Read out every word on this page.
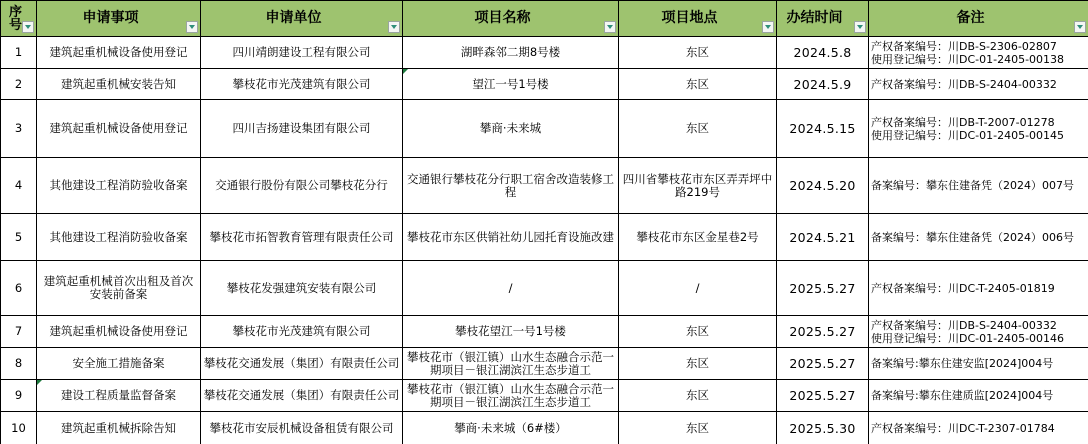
序号	申请事项	申请单位	项目名称	项目地点	办结时间	备注

1	建筑起重机械设备使用登记	四川靖朗建设工程有限公司	湖畔森邻二期8号楼	东区	2024.5.8	产权备案编号：川DB-S-2306-02807
使用登记编号：川DC-01-2405-00138

2	建筑起重机械安装告知	攀枝花市光茂建筑有限公司	望江一号1号楼	东区	2024.5.9	产权备案编号：川DB-S-2404-00332

3	建筑起重机械设备使用登记	四川吉扬建设集团有限公司	攀商·未来城	东区	2024.5.15	产权备案编号：川DB-T-2007-01278
使用登记编号：川DC-01-2405-00145

4	其他建设工程消防验收备案	交通银行股份有限公司攀枝花分行	交通银行攀枝花分行职工宿舍改造装修工程	四川省攀枝花市东区弄弄坪中路219号	2024.5.20	备案编号：攀东住建备凭（2024）007号

5	其他建设工程消防验收备案	攀枝花市拓智教育管理有限责任公司	攀枝花市东区供销社幼儿园托育设施改建	攀枝花市东区金星巷2号	2024.5.21	备案编号：攀东住建备凭（2024）006号

6	建筑起重机械首次出租及首次安装前备案	攀枝花发强建筑安装有限公司	/	/	2025.5.27	产权备案编号：川DC-T-2405-01819

7	建筑起重机械设备使用登记	攀枝花市光茂建筑有限公司	攀枝花望江一号1号楼	东区	2025.5.27	产权备案编号：川DB-S-2404-00332
使用登记编号：川DC-01-2405-00146

8	安全施工措施备案	攀枝花交通发展（集团）有限责任公司	攀枝花市（银江镇）山水生态融合示范一期项目－银江湖滨江生态步道工	东区	2025.5.27	备案编号:攀东住建安监[2024]004号

9	建设工程质量监督备案	攀枝花交通发展（集团）有限责任公司	攀枝花市（银江镇）山水生态融合示范一期项目－银江湖滨江生态步道工	东区	2025.5.27	备案编号:攀东住建质监[2024]004号

10	建筑起重机械拆除告知	攀枝花市安辰机械设备租赁有限公司	攀商·未来城（6#楼）	东区	2025.5.30	产权备案编号：川DC-T-2307-01784
